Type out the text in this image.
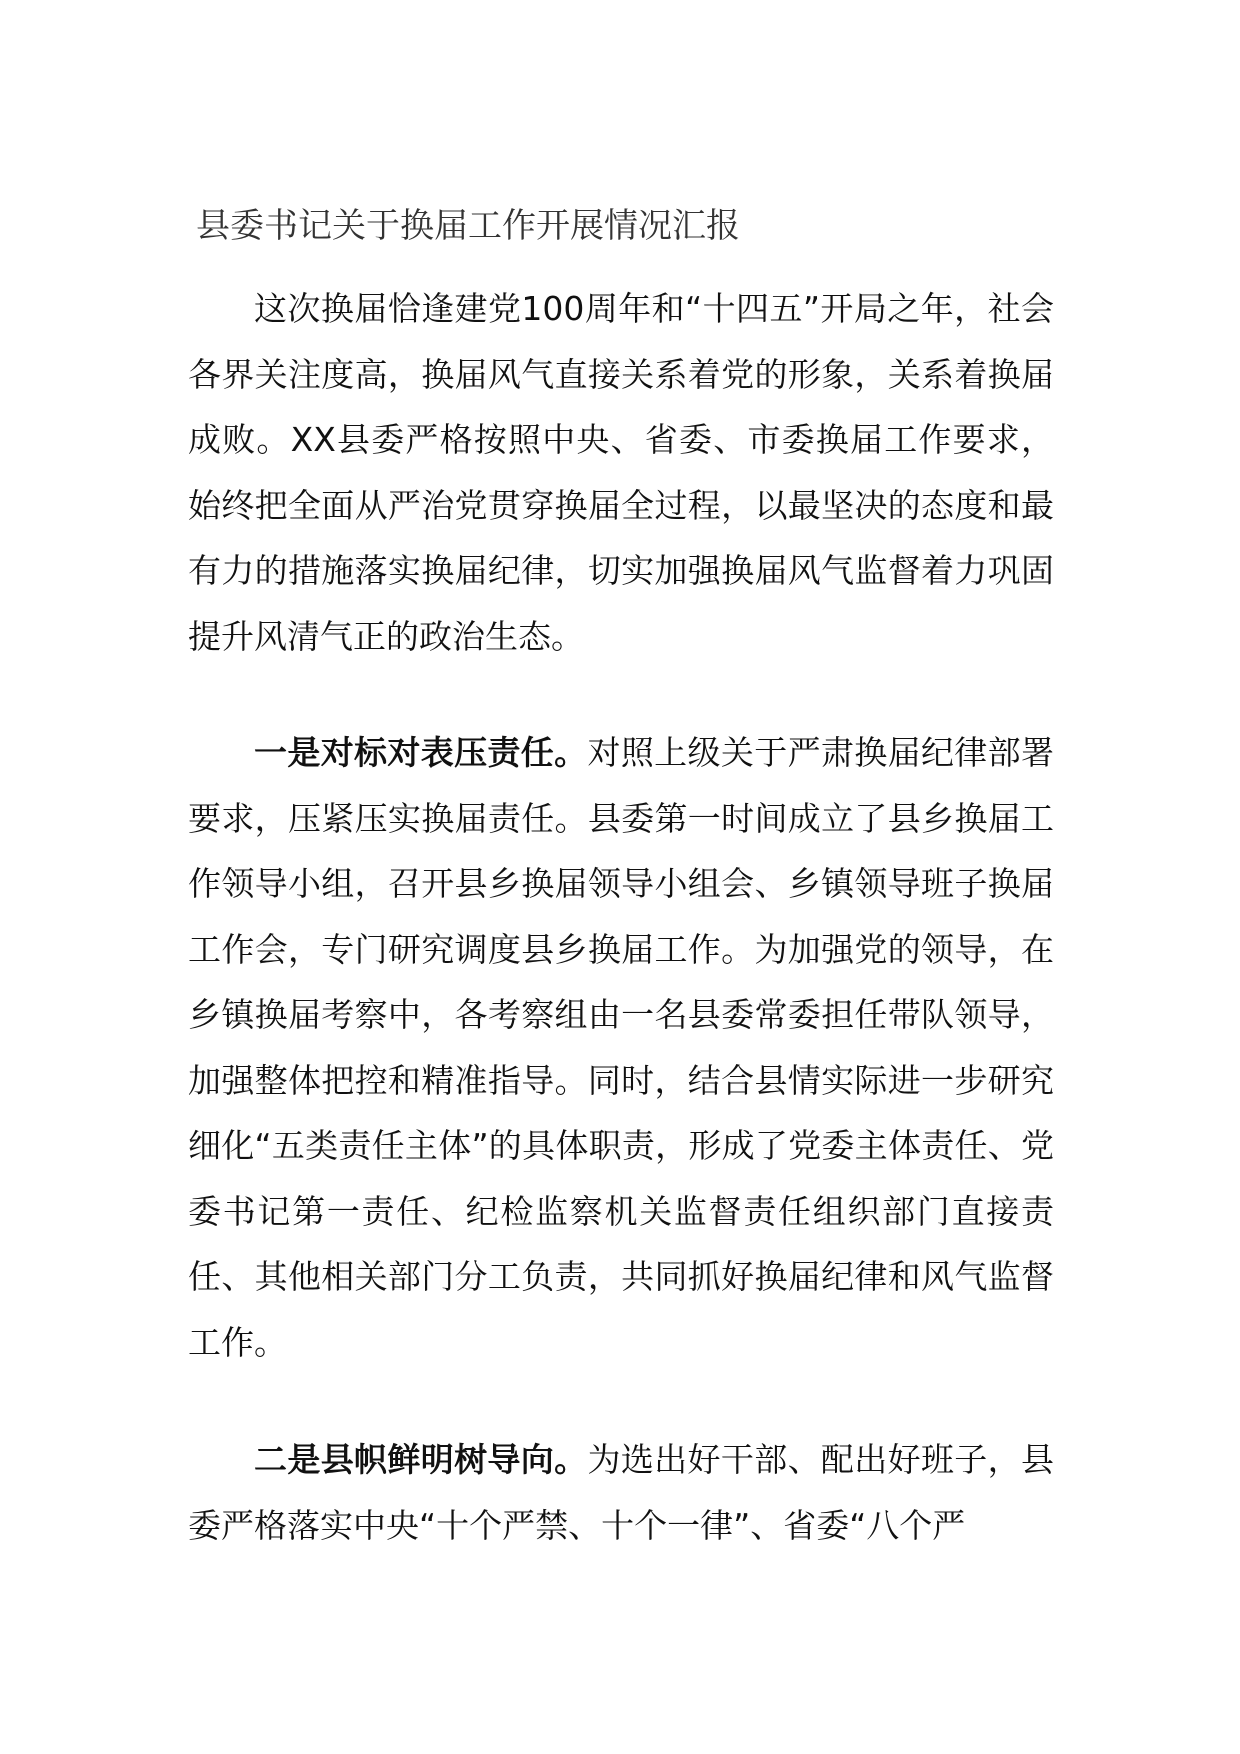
县委书记关于换届工作开展情况汇报

这次换届恰逢建党100周年和“十四五”开局之年，社会各界关注度高，换届风气直接关系着党的形象，关系着换届成败。XX县委严格按照中央、省委、市委换届工作要求，始终把全面从严治党贯穿换届全过程，以最坚决的态度和最有力的措施落实换届纪律，切实加强换届风气监督着力巩固提升风清气正的政治生态。

一是对标对表压责任。对照上级关于严肃换届纪律部署要求，压紧压实换届责任。县委第一时间成立了县乡换届工作领导小组，召开县乡换届领导小组会、乡镇领导班子换届工作会，专门研究调度县乡换届工作。为加强党的领导，在乡镇换届考察中，各考察组由一名县委常委担任带队领导，加强整体把控和精准指导。同时，结合县情实际进一步研究细化“五类责任主体”的具体职责，形成了党委主体责任、党委书记第一责任、纪检监察机关监督责任组织部门直接责任、其他相关部门分工负责，共同抓好换届纪律和风气监督工作。

二是县帜鲜明树导向。为选出好干部、配出好班子，县委严格落实中央“十个严禁、十个一律”、省委“八个严
